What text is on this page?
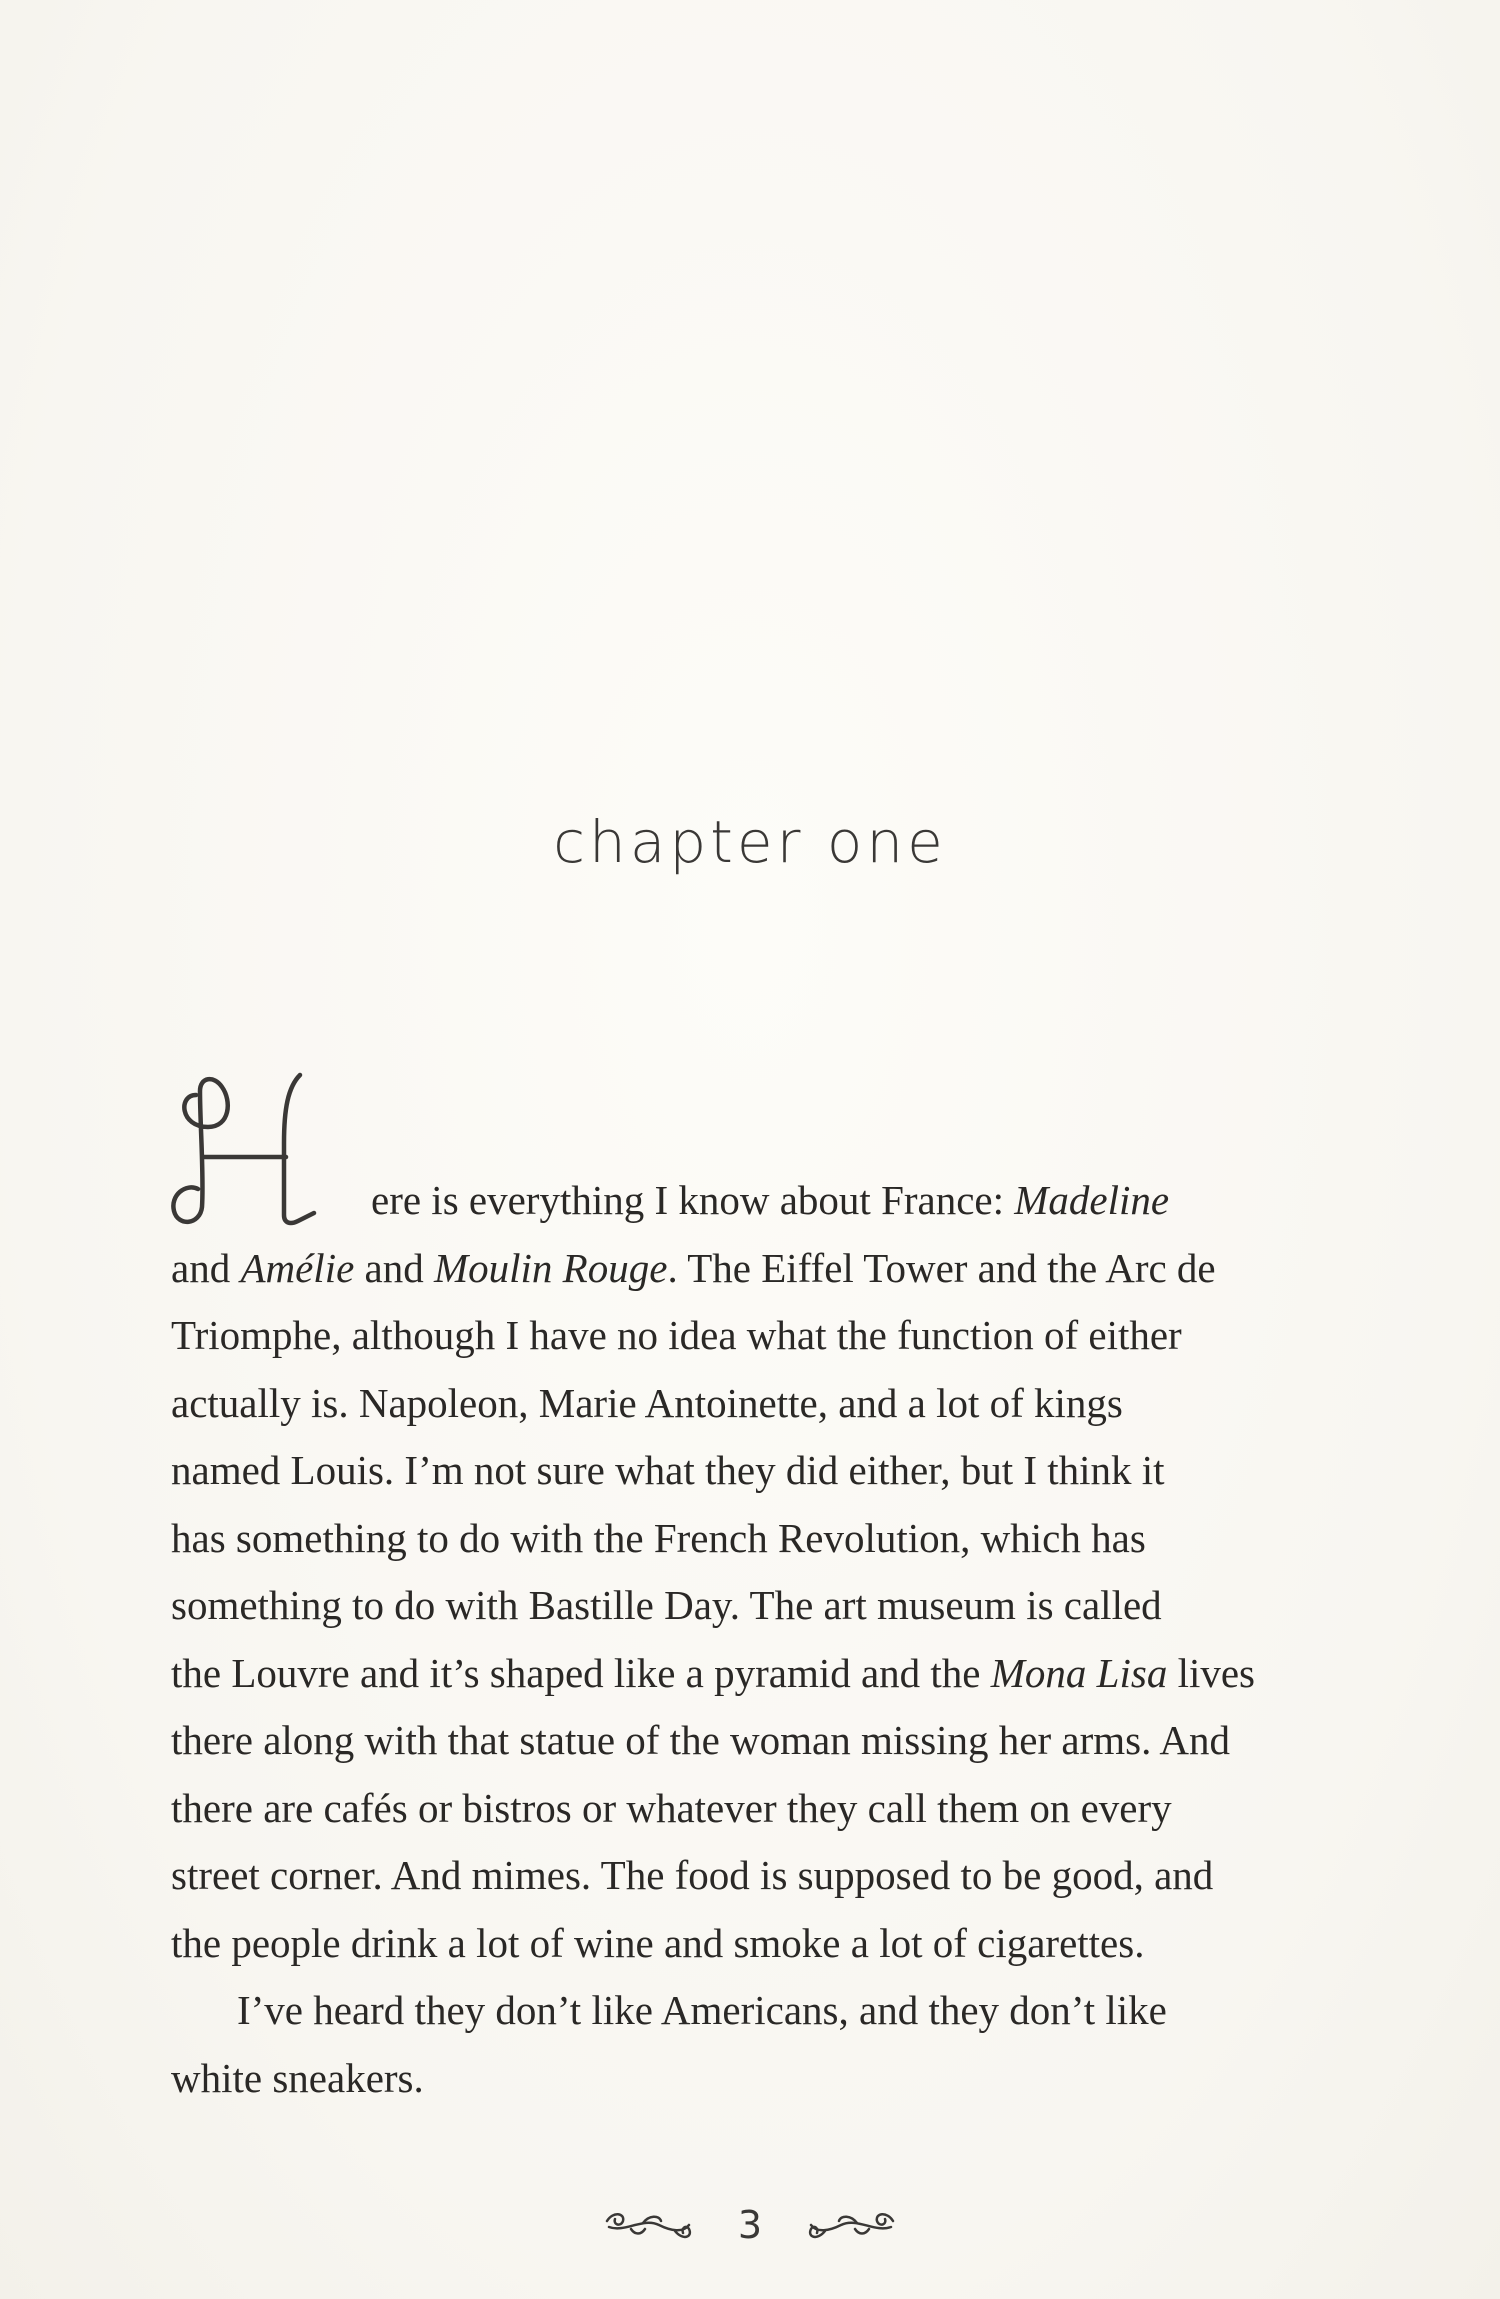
chapter one

ere is everything I know about France: Madeline
and Amélie and Moulin Rouge. The Eiffel Tower and the Arc de
Triomphe, although I have no idea what the function of either
actually is. Napoleon, Marie Antoinette, and a lot of kings
named Louis. I’m not sure what they did either, but I think it
has something to do with the French Revolution, which has
something to do with Bastille Day. The art museum is called
the Louvre and it’s shaped like a pyramid and the Mona Lisa lives
there along with that statue of the woman missing her arms. And
there are cafés or bistros or whatever they call them on every
street corner. And mimes. The food is supposed to be good, and
the people drink a lot of wine and smoke a lot of cigarettes.

I’ve heard they don’t like Americans, and they don’t like
white sneakers.

3
